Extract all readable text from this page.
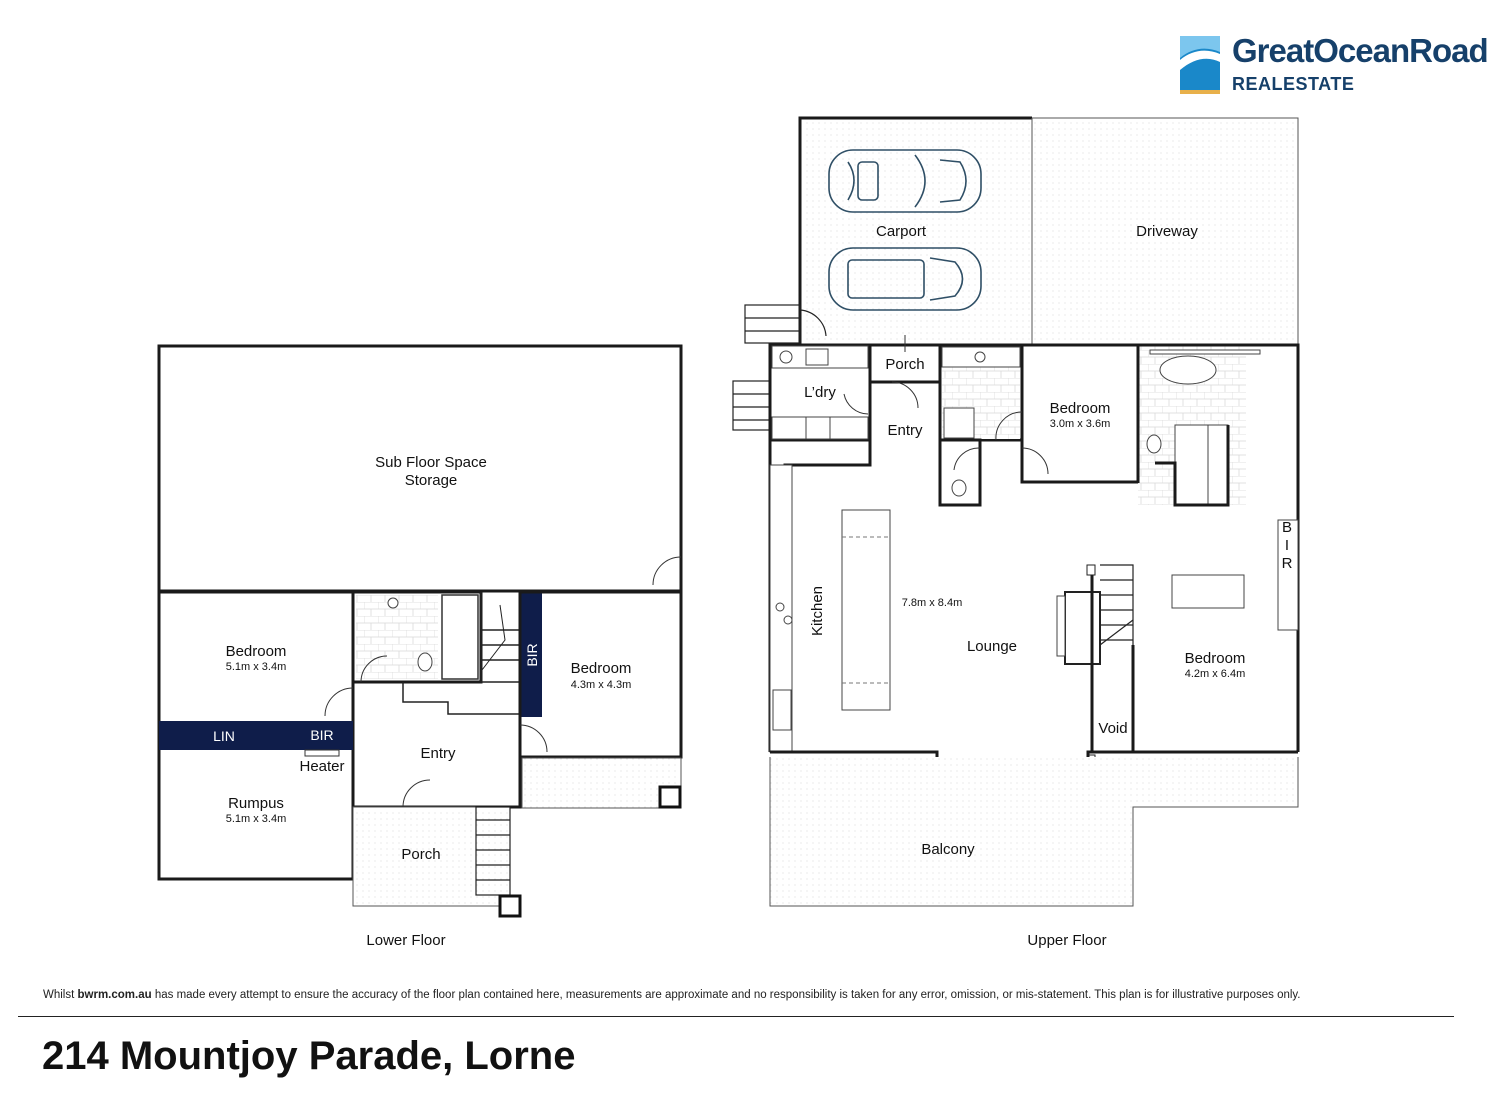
GreatOceanRoad
REALESTATE
BIR
LIN	BIR
Sub Floor Space
Storage
Bedroom
5.1m x 3.4m	Bedroom
4.3m x 4.3m
Entry
Heater
Rumpus
5.1m x 3.4m
Porch
Lower Floor
Carport	Driveway
Porch
L’dry
Entry
Bedroom
3.0m x 3.6m
Kitchen	7.8m x 8.4m
Lounge
Void
Bedroom
4.2m x 6.4m
B
I
R
Balcony
Upper Floor
Whilst bwrm.com.au has made every attempt to ensure the accuracy of the floor plan contained here, measurements are approximate and no responsibility is taken for any error, omission, or mis-statement. This plan is for illustrative purposes only.
214 Mountjoy Parade, Lorne
